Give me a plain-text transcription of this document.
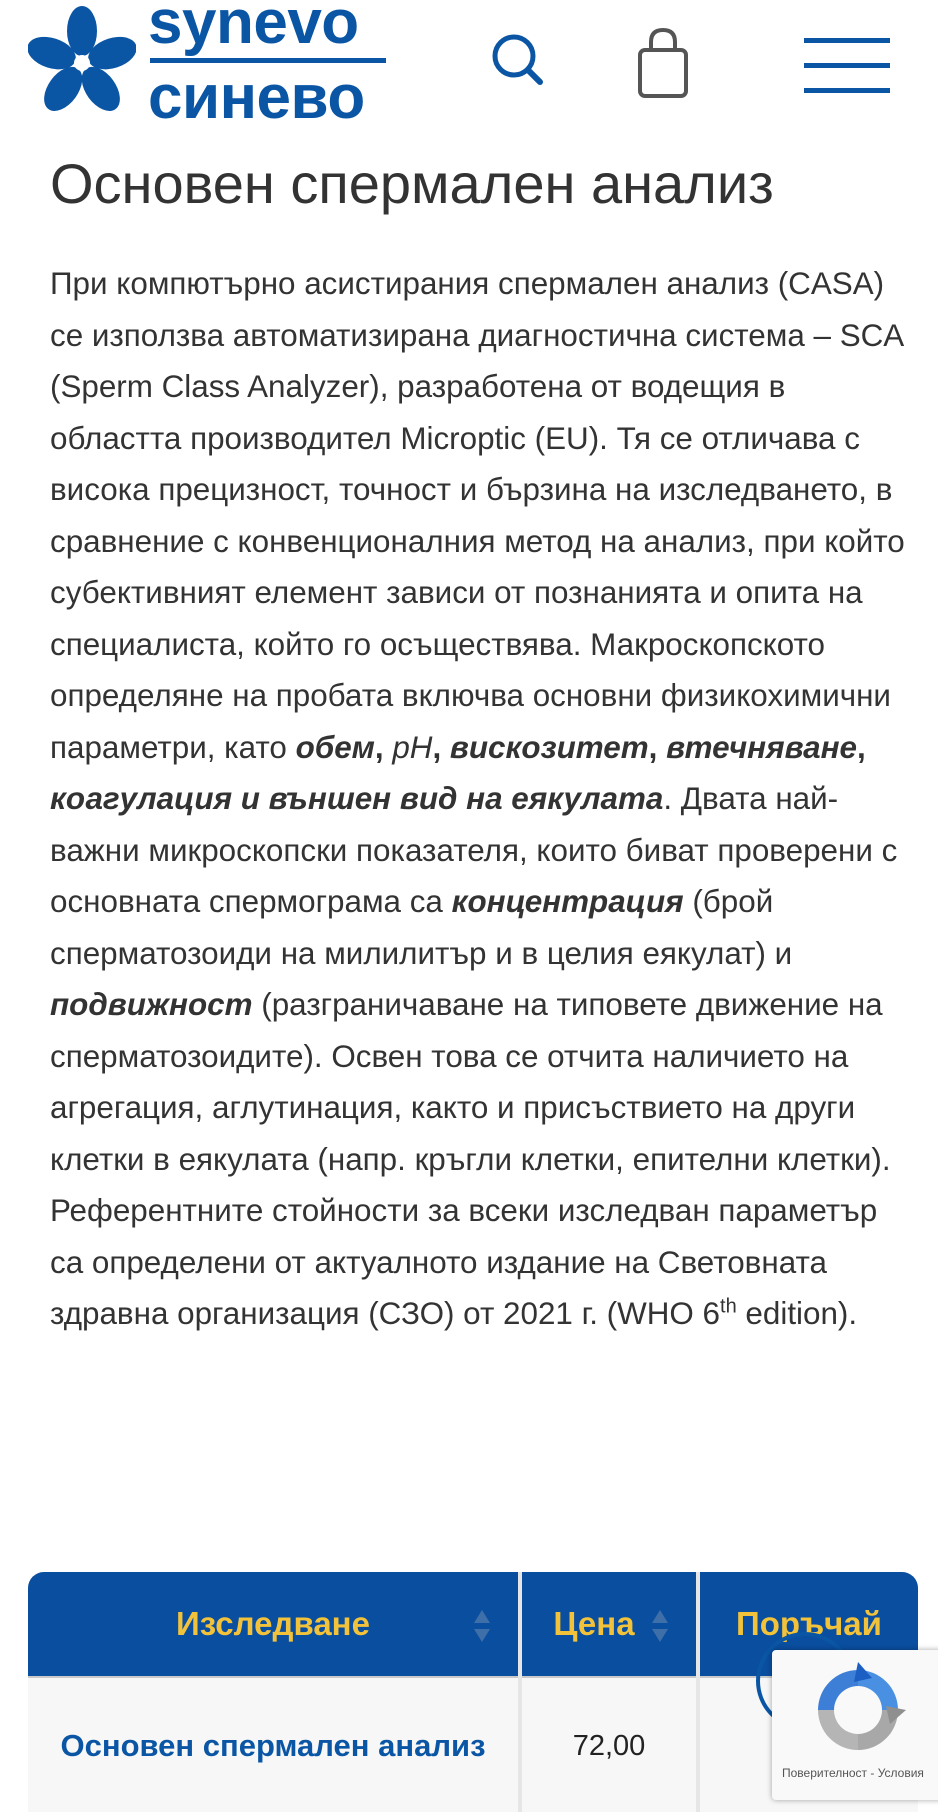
synevo
синево
Основен спермален анализ
При компютърно асистирания спермален анализ (CASA) се използва автоматизирана диагностична система – SCA (Sperm Class Analyzer), разработена от водещия в областта производител Microptic (EU). Тя се отличава с висока прецизност, точност и бързина на изследването, в сравнение с конвенционалния метод на анализ, при който субективният елемент зависи от познанията и опита на специалиста, който го осъществява. Макроскопското определяне на пробата включва основни физикохимични параметри, като обем, pH, вискозитет, втечняване, коагулация и външен вид на еякулата. Двата най-важни микроскопски показателя, които биват проверени с основната спермограма са концентрация (брой сперматозоиди на милилитър и в целия еякулат) и подвижност (разграничаване на типовете движение на сперматозоидите). Освен това се отчита наличието на агрегация, аглутинация, както и присъствието на други клетки в еякулата (напр. кръгли клетки, епителни клетки). Референтните стойности за всеки изследван параметър са определени от актуалното издание на Световната здравна организация (СЗО) от 2021 г. (WHO 6th edition).
Изследване	Цена	Поръчай
Основен спермален анализ	72,00
Поверителност - Условия
